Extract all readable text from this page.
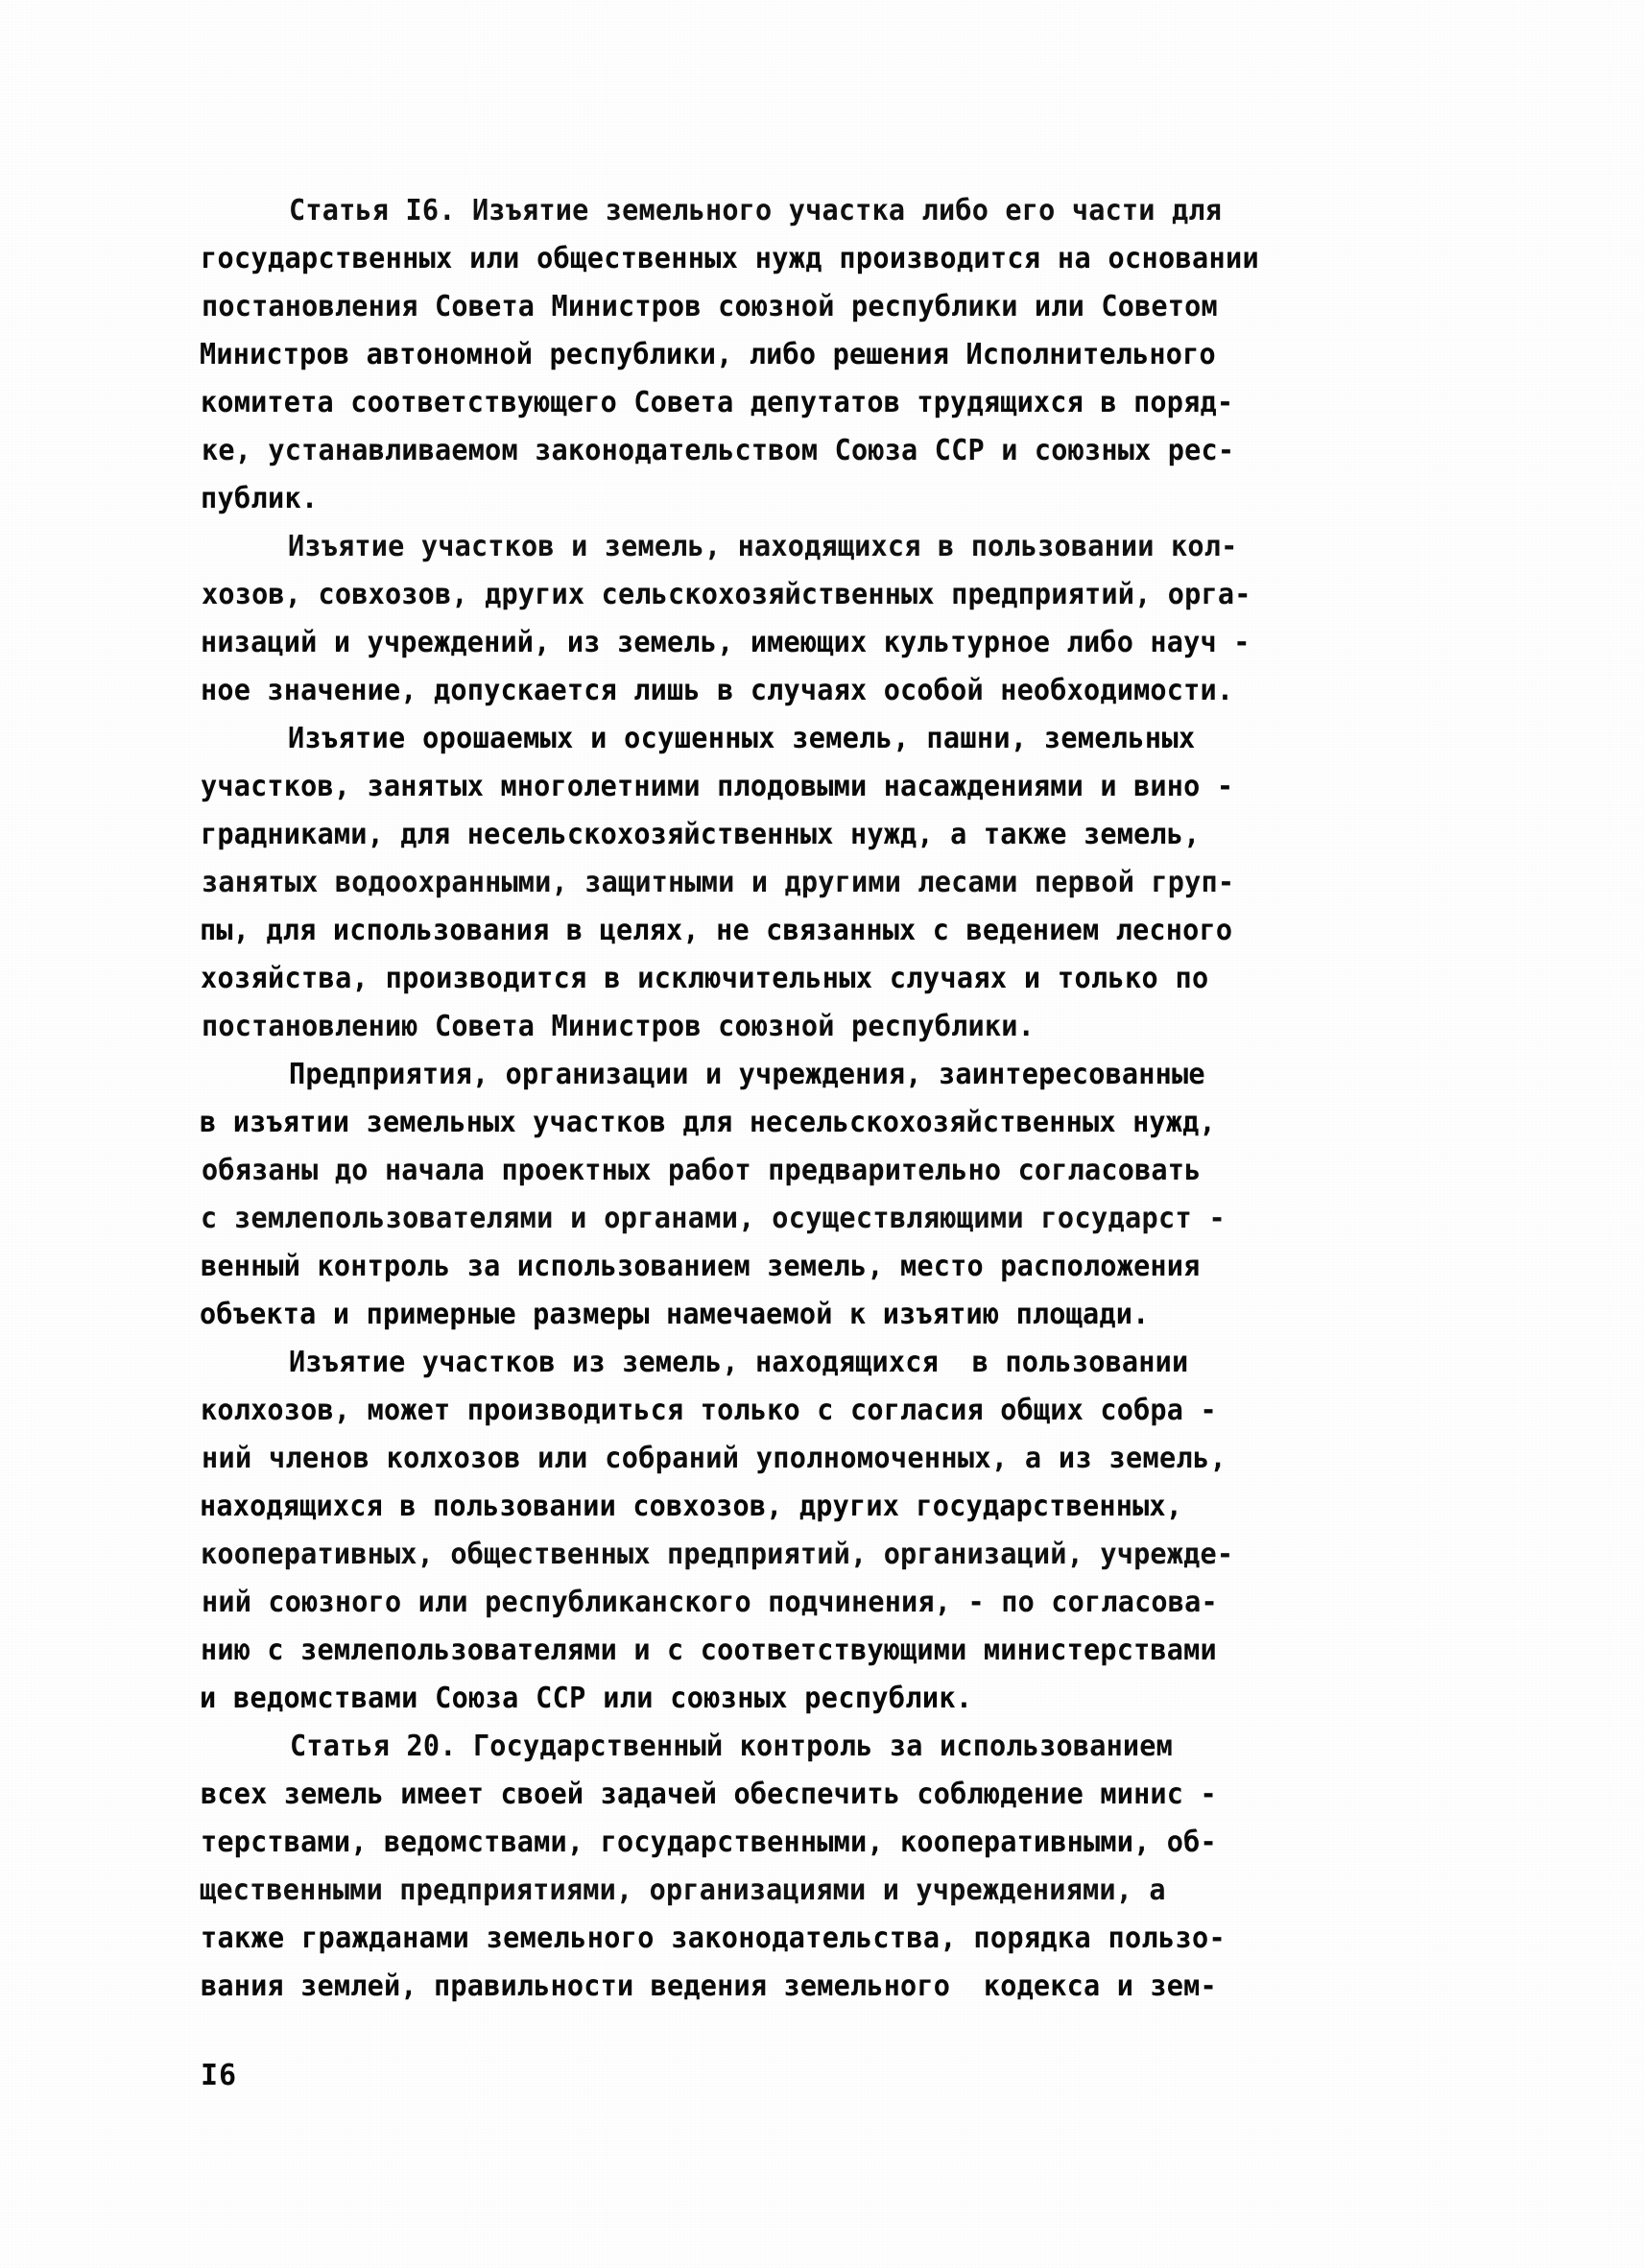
Статья I6. Изъятие земельного участка либо его части для
государственных или общественных нужд производится на основании
постановления Совета Министров союзной республики или Советом
Министров автономной республики, либо решения Исполнительного
комитета соответствующего Совета депутатов трудящихся в поряд-
ке, устанавливаемом законодательством Союза ССР и союзных рес-
публик.
Изъятие участков и земель, находящихся в пользовании кол-
хозов, совхозов, других сельскохозяйственных предприятий, орга-
низаций и учреждений, из земель, имеющих культурное либо науч -
ное значение, допускается лишь в случаях особой необходимости.
Изъятие орошаемых и осушенных земель, пашни, земельных
участков, занятых многолетними плодовыми насаждениями и вино -
градниками, для несельскохозяйственных нужд, а также земель,
занятых водоохранными, защитными и другими лесами первой груп-
пы, для использования в целях, не связанных с ведением лесного
хозяйства, производится в исключительных случаях и только по
постановлению Совета Министров союзной республики.
Предприятия, организации и учреждения, заинтересованные
в изъятии земельных участков для несельскохозяйственных нужд,
обязаны до начала проектных работ предварительно согласовать
с землепользователями и органами, осуществляющими государст -
венный контроль за использованием земель, место расположения
объекта и примерные размеры намечаемой к изъятию площади.
Изъятие участков из земель, находящихся  в пользовании
колхозов, может производиться только с согласия общих собра -
ний членов колхозов или собраний уполномоченных, а из земель,
находящихся в пользовании совхозов, других государственных,
кооперативных, общественных предприятий, организаций, учрежде-
ний союзного или республиканского подчинения, - по согласова-
нию с землепользователями и с соответствующими министерствами
и ведомствами Союза ССР или союзных республик.
Статья 20. Государственный контроль за использованием
всех земель имеет своей задачей обеспечить соблюдение минис -
терствами, ведомствами, государственными, кооперативными, об-
щественными предприятиями, организациями и учреждениями, а
также гражданами земельного законодательства, порядка пользо-
вания землей, правильности ведения земельного  кодекса и зем-
I6
